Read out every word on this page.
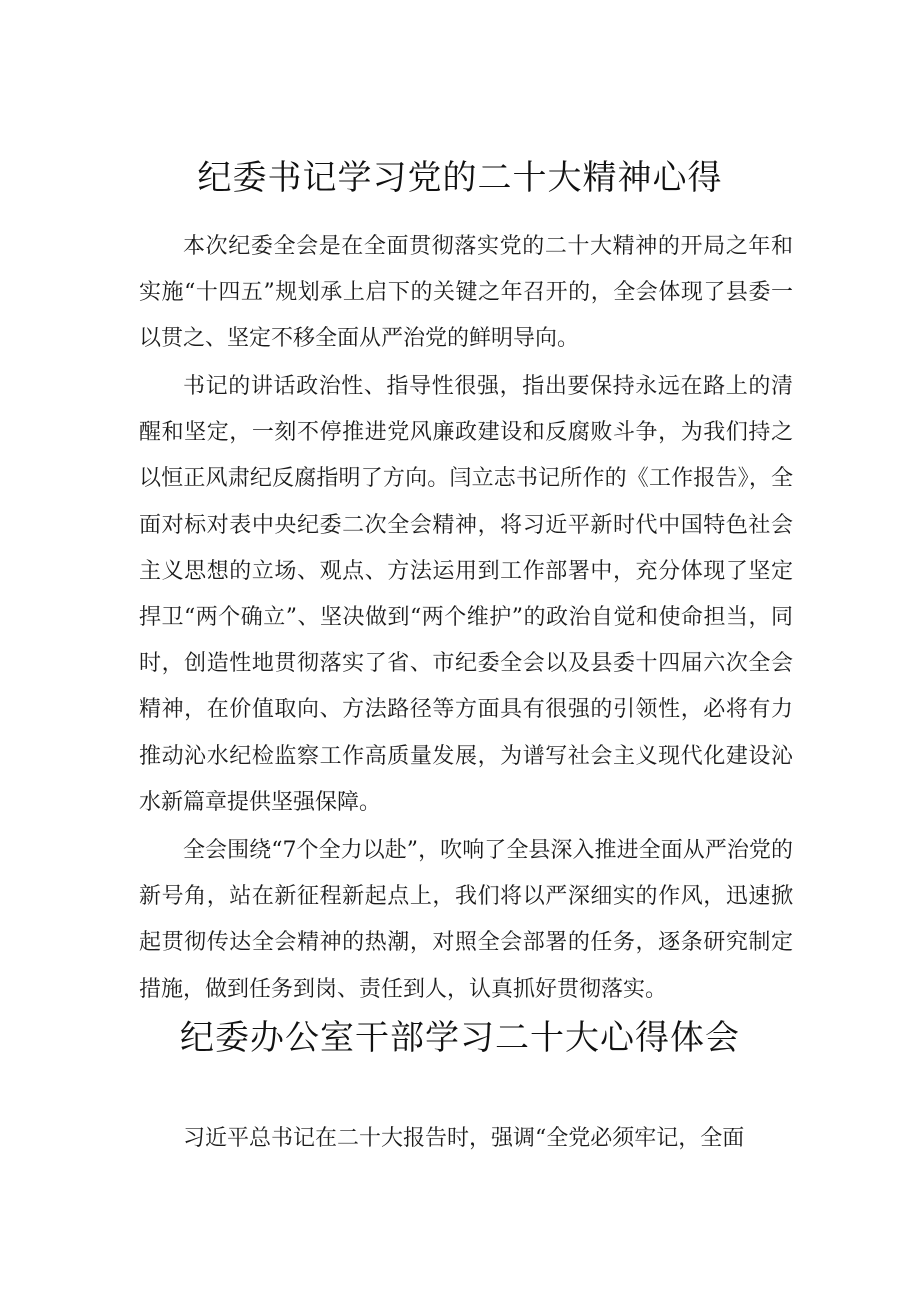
纪委书记学习党的二十大精神心得

本次纪委全会是在全面贯彻落实党的二十大精神的开局之年和实施“十四五”规划承上启下的关键之年召开的，全会体现了县委一以贯之、坚定不移全面从严治党的鲜明导向。

书记的讲话政治性、指导性很强，指出要保持永远在路上的清醒和坚定，一刻不停推进党风廉政建设和反腐败斗争，为我们持之以恒正风肃纪反腐指明了方向。闫立志书记所作的《工作报告》，全面对标对表中央纪委二次全会精神，将习近平新时代中国特色社会主义思想的立场、观点、方法运用到工作部署中，充分体现了坚定捍卫“两个确立”、坚决做到“两个维护”的政治自觉和使命担当，同时，创造性地贯彻落实了省、市纪委全会以及县委十四届六次全会精神，在价值取向、方法路径等方面具有很强的引领性，必将有力推动沁水纪检监察工作高质量发展，为谱写社会主义现代化建设沁水新篇章提供坚强保障。

全会围绕“7个全力以赴”，吹响了全县深入推进全面从严治党的新号角，站在新征程新起点上，我们将以严深细实的作风，迅速掀起贯彻传达全会精神的热潮，对照全会部署的任务，逐条研究制定措施，做到任务到岗、责任到人，认真抓好贯彻落实。

纪委办公室干部学习二十大心得体会

习近平总书记在二十大报告时，强调“全党必须牢记，全面
